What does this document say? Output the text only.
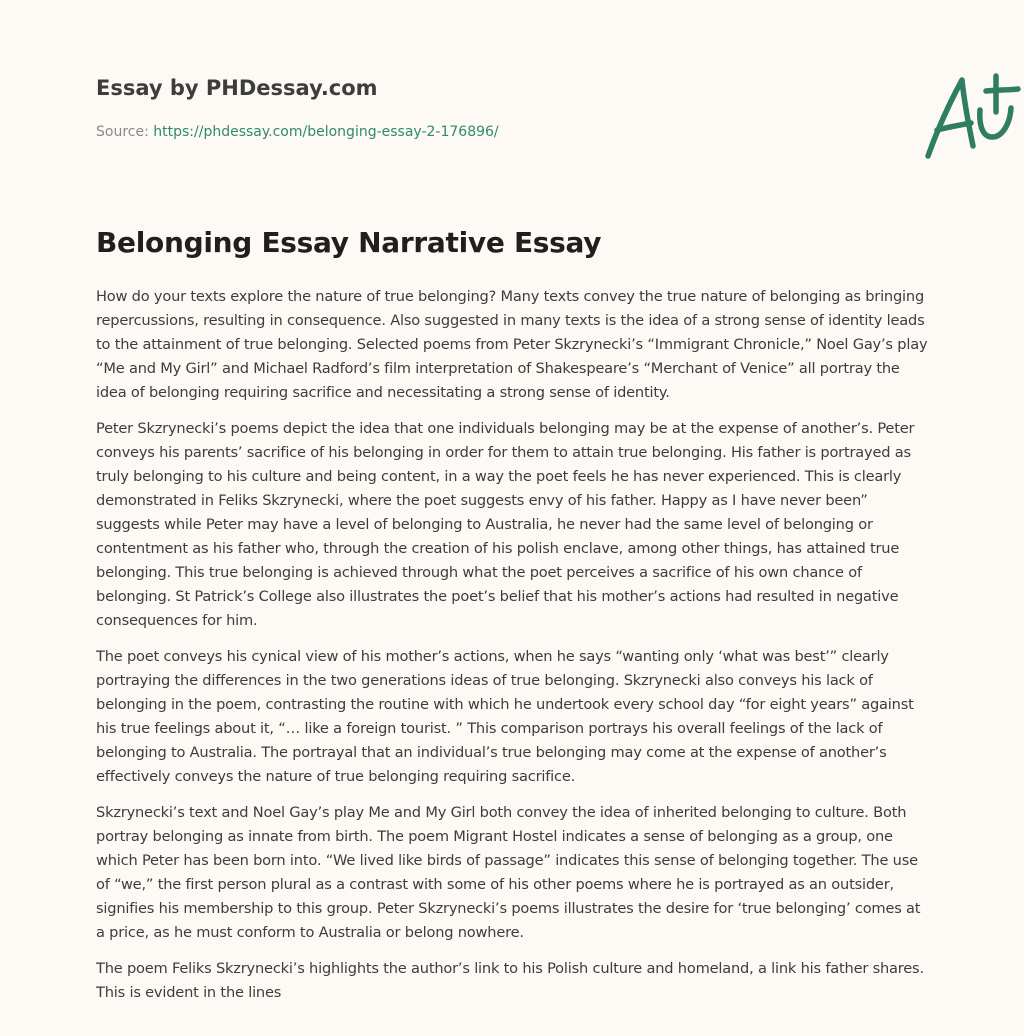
Essay by PHDessay.com
Source: https://phdessay.com/belonging-essay-2-176896/
Belonging Essay Narrative Essay

How do your texts explore the nature of true belonging? Many texts convey the true nature of belonging as bringing repercussions, resulting in consequence. Also suggested in many texts is the idea of a strong sense of identity leads to the attainment of true belonging. Selected poems from Peter Skzrynecki’s “Immigrant Chronicle,” Noel Gay’s play “Me and My Girl” and Michael Radford’s film interpretation of Shakespeare’s “Merchant of Venice” all portray the idea of belonging requiring sacrifice and necessitating a strong sense of identity.

Peter Skzrynecki’s poems depict the idea that one individuals belonging may be at the expense of another’s. Peter conveys his parents’ sacrifice of his belonging in order for them to attain true belonging. His father is portrayed as truly belonging to his culture and being content, in a way the poet feels he has never experienced. This is clearly demonstrated in Feliks Skzrynecki, where the poet suggests envy of his father. Happy as I have never been” suggests while Peter may have a level of belonging to Australia, he never had the same level of belonging or contentment as his father who, through the creation of his polish enclave, among other things, has attained true belonging. This true belonging is achieved through what the poet perceives a sacrifice of his own chance of belonging. St Patrick’s College also illustrates the poet’s belief that his mother’s actions had resulted in negative consequences for him.

The poet conveys his cynical view of his mother’s actions, when he says “wanting only ‘what was best’” clearly portraying the differences in the two generations ideas of true belonging. Skzrynecki also conveys his lack of belonging in the poem, contrasting the routine with which he undertook every school day “for eight years” against his true feelings about it, “… like a foreign tourist. ” This comparison portrays his overall feelings of the lack of belonging to Australia. The portrayal that an individual’s true belonging may come at the expense of another’s effectively conveys the nature of true belonging requiring sacrifice.

Skzrynecki’s text and Noel Gay’s play Me and My Girl both convey the idea of inherited belonging to culture. Both portray belonging as innate from birth. The poem Migrant Hostel indicates a sense of belonging as a group, one which Peter has been born into. “We lived like birds of passage” indicates this sense of belonging together. The use of “we,” the first person plural as a contrast with some of his other poems where he is portrayed as an outsider, signifies his membership to this group. Peter Skzrynecki’s poems illustrates the desire for ‘true belonging’ comes at a price, as he must conform to Australia or belong nowhere.

The poem Feliks Skzrynecki’s highlights the author’s link to his Polish culture and homeland, a link his father shares. This is evident in the lines
